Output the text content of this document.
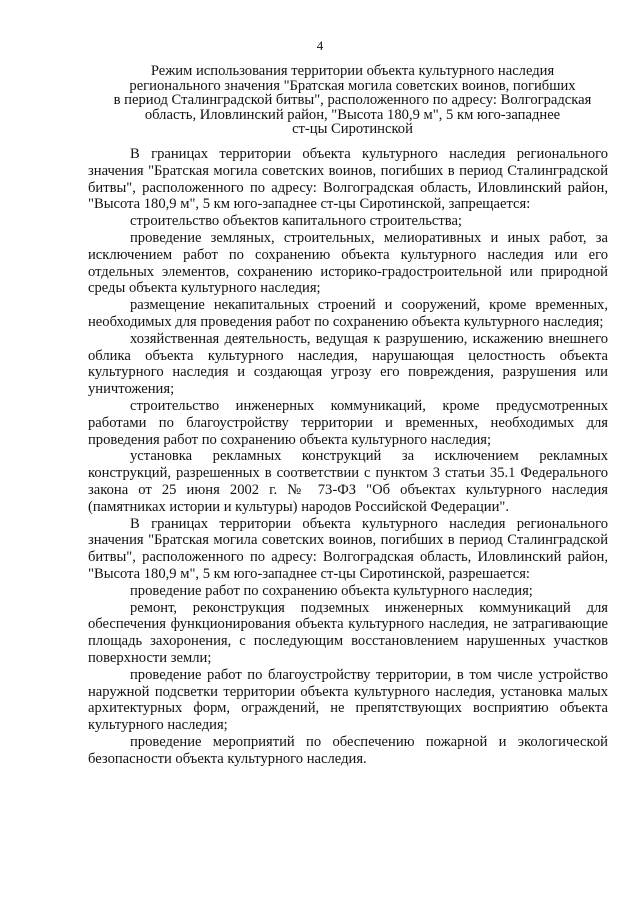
4
Режим использования территории объекта культурного наследия
регионального значения "Братская могила советских воинов, погибших
в период Сталинградской битвы", расположенного по адресу: Волгоградская
область, Иловлинский район, "Высота 180,9 м", 5 км юго-западнее
ст-цы Сиротинской

В границах территории объекта культурного наследия регионального значения "Братская могила советских воинов, погибших в период Сталинградской битвы", расположенного по адресу: Волгоградская область, Иловлинский район, "Высота 180,9 м", 5 км юго-западнее ст-цы Сиротинской, запрещается:

строительство объектов капитального строительства;

проведение земляных, строительных, мелиоративных и иных работ, за исключением работ по сохранению объекта культурного наследия или его отдельных элементов, сохранению историко-градостроительной или природной среды объекта культурного наследия;

размещение некапитальных строений и сооружений, кроме временных, необходимых для проведения работ по сохранению объекта культурного наследия;

хозяйственная деятельность, ведущая к разрушению, искажению внешнего облика объекта культурного наследия, нарушающая целостность объекта культурного наследия и создающая угрозу его повреждения, разрушения или уничтожения;

строительство инженерных коммуникаций, кроме предусмотренных работами по благоустройству территории и временных, необходимых для проведения работ по сохранению объекта культурного наследия;

установка рекламных конструкций за исключением рекламных конструкций, разрешенных в соответствии с пунктом 3 статьи 35.1 Федерального закона от 25 июня 2002 г. № 73-ФЗ "Об объектах культурного наследия (памятниках истории и культуры) народов Российской Федерации".

В границах территории объекта культурного наследия регионального значения "Братская могила советских воинов, погибших в период Сталинградской битвы", расположенного по адресу: Волгоградская область, Иловлинский район, "Высота 180,9 м", 5 км юго-западнее ст-цы Сиротинской, разрешается:

проведение работ по сохранению объекта культурного наследия;

ремонт, реконструкция подземных инженерных коммуникаций для обеспечения функционирования объекта культурного наследия, не затрагивающие площадь захоронения, с последующим восстановлением нарушенных участков поверхности земли;

проведение работ по благоустройству территории, в том числе устройство наружной подсветки территории объекта культурного наследия, установка малых архитектурных форм, ограждений, не препятствующих восприятию объекта культурного наследия;

проведение мероприятий по обеспечению пожарной и экологической безопасности объекта культурного наследия.
